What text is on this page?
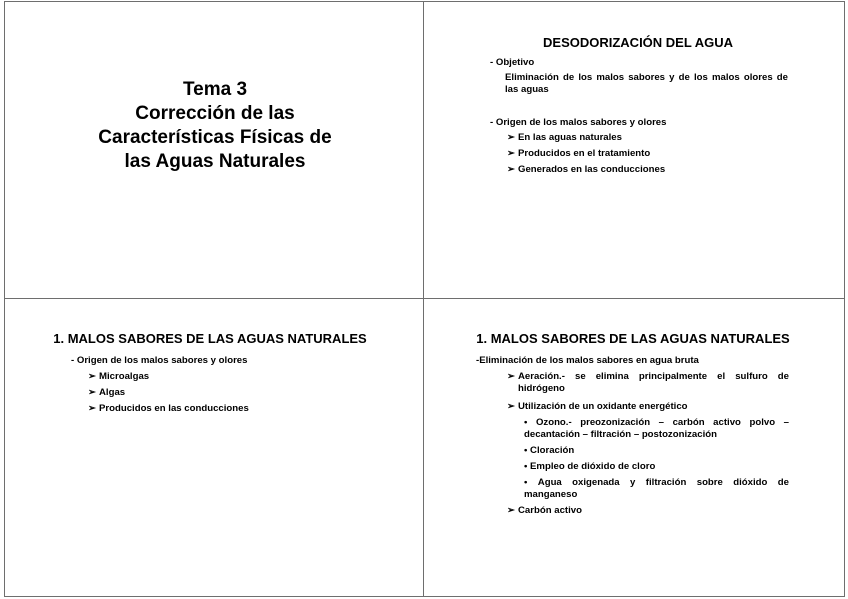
Tema 3
Corrección de las
Características Físicas de
las Aguas Naturales
DESODORIZACIÓN DEL AGUA
- Objetivo
Eliminación de los malos sabores y de los malos olores de las aguas
- Origen de los malos sabores y olores
➢ En las aguas naturales
➢ Producidos en el tratamiento
➢ Generados en las conducciones
1. MALOS SABORES DE LAS AGUAS NATURALES
- Origen de los malos sabores y olores
➢ Microalgas
➢ Algas
➢ Producidos en las conducciones
1. MALOS SABORES DE LAS AGUAS NATURALES
-Eliminación de los malos sabores en agua bruta
➢ Aeración.- se elimina principalmente el sulfuro de hidrógeno
➢ Utilización de un oxidante energético
• Ozono.- preozonización – carbón activo polvo – decantación – filtración – postozonización
• Cloración
• Empleo de dióxido de cloro
• Agua oxigenada y filtración sobre dióxido de manganeso
➢ Carbón activo
